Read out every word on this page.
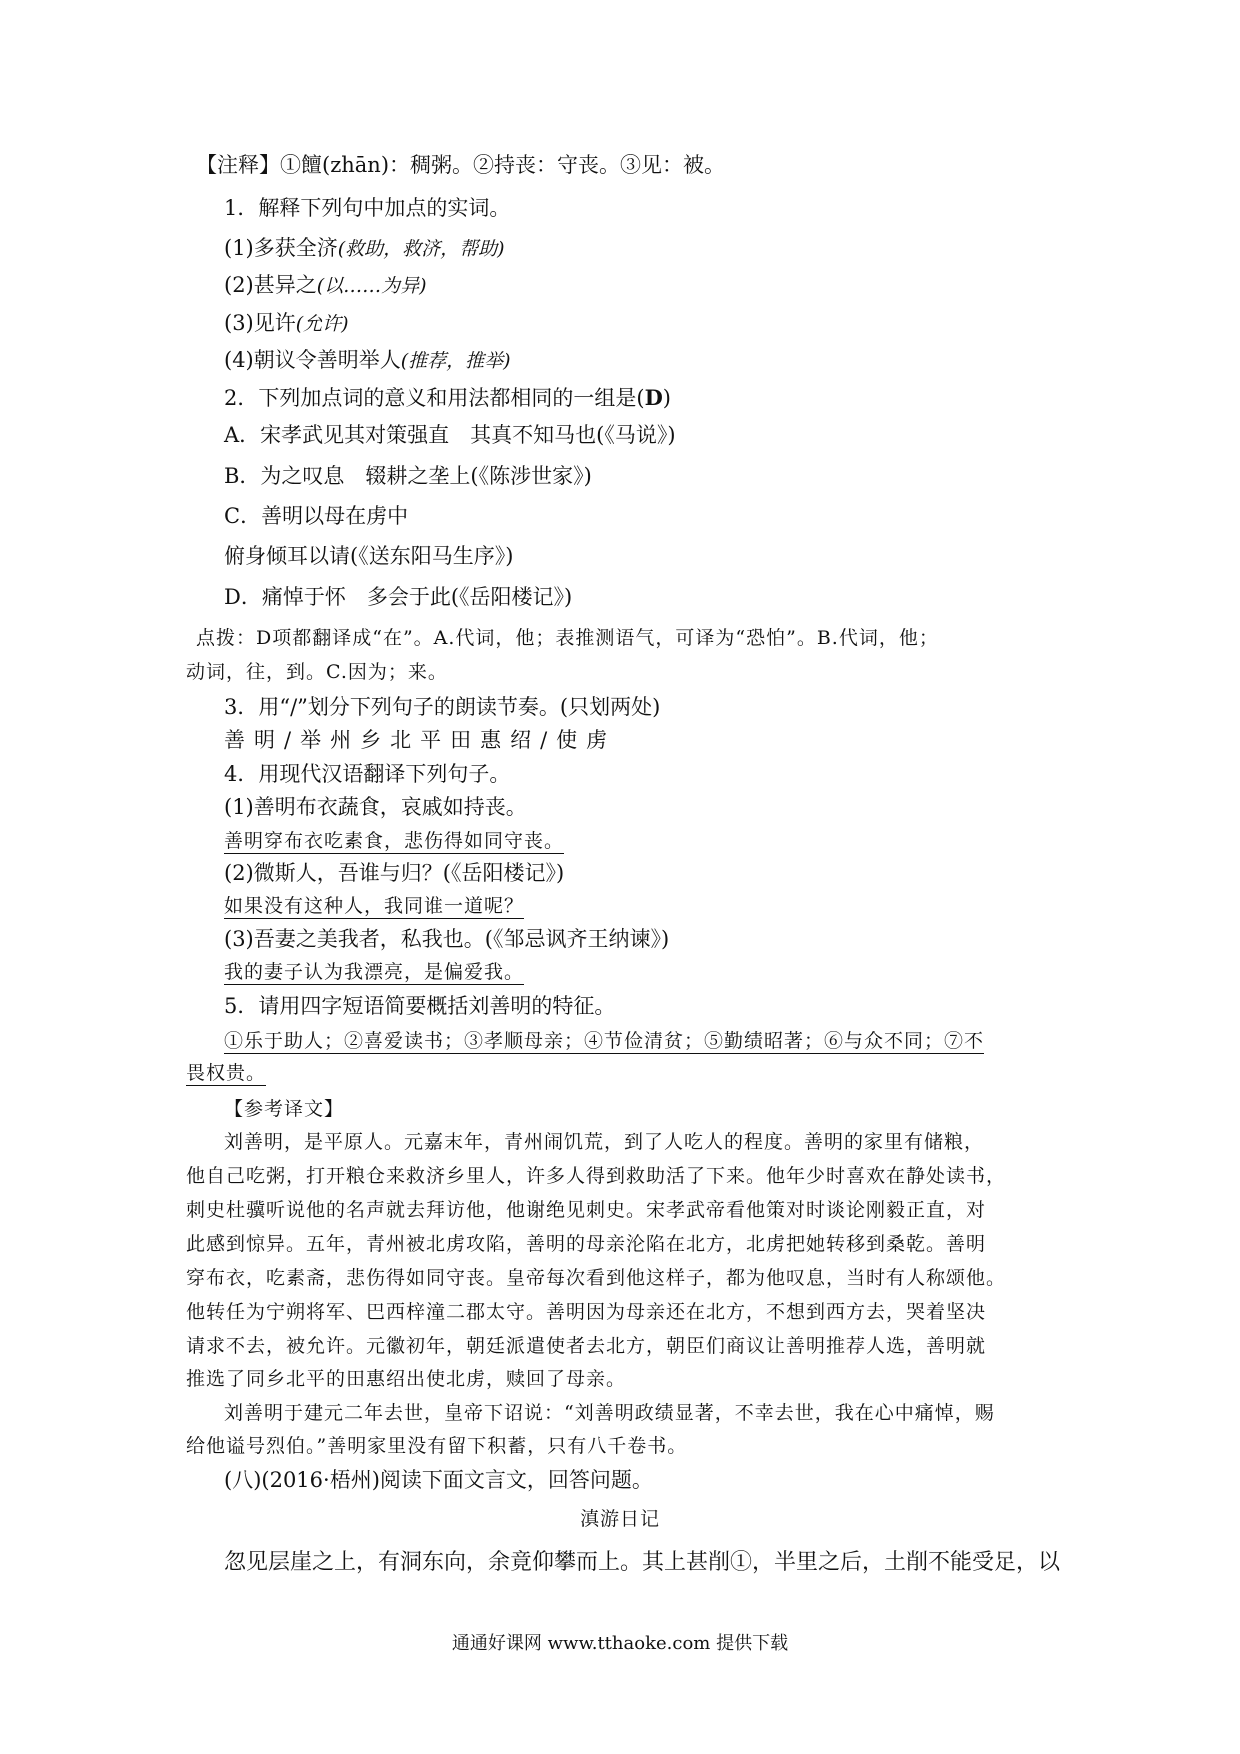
【注释】①饘(zhān)：稠粥。②持丧：守丧。③见：被。
1．解释下列句中加点的实词。
(1)多获全济(救助，救济，帮助)
(2)甚异之(以……为异)
(3)见许(允许)
(4)朝议令善明举人(推荐，推举)
2．下列加点词的意义和用法都相同的一组是(D)
A．宋孝武见其对策强直　其真不知马也(《马说》)
B．为之叹息　辍耕之垄上(《陈涉世家》)
C．善明以母在虏中
俯身倾耳以请(《送东阳马生序》)
D．痛悼于怀　多会于此(《岳阳楼记》)
点拨：D项都翻译成“在”。A.代词，他；表推测语气，可译为“恐怕”。B.代词，他；
动词，往，到。C.因为；来。
3．用“/”划分下列句子的朗读节奏。(只划两处)
善明/举州乡北平田惠绍/使虏
4．用现代汉语翻译下列句子。
(1)善明布衣蔬食，哀戚如持丧。
善明穿布衣吃素食，悲伤得如同守丧。
(2)微斯人，吾谁与归？(《岳阳楼记》)
如果没有这种人，我同谁一道呢？
(3)吾妻之美我者，私我也。(《邹忌讽齐王纳谏》)
我的妻子认为我漂亮，是偏爱我。
5．请用四字短语简要概括刘善明的特征。
①乐于助人；②喜爱读书；③孝顺母亲；④节俭清贫；⑤勤绩昭著；⑥与众不同；⑦不
畏权贵。
【参考译文】
刘善明，是平原人。元嘉末年，青州闹饥荒，到了人吃人的程度。善明的家里有储粮，
他自己吃粥，打开粮仓来救济乡里人，许多人得到救助活了下来。他年少时喜欢在静处读书，
刺史杜骥听说他的名声就去拜访他，他谢绝见刺史。宋孝武帝看他策对时谈论刚毅正直，对
此感到惊异。五年，青州被北虏攻陷，善明的母亲沦陷在北方，北虏把她转移到桑乾。善明
穿布衣，吃素斋，悲伤得如同守丧。皇帝每次看到他这样子，都为他叹息，当时有人称颂他。
他转任为宁朔将军、巴西梓潼二郡太守。善明因为母亲还在北方，不想到西方去，哭着坚决
请求不去，被允许。元徽初年，朝廷派遣使者去北方，朝臣们商议让善明推荐人选，善明就
推选了同乡北平的田惠绍出使北虏，赎回了母亲。
刘善明于建元二年去世，皇帝下诏说：“刘善明政绩显著，不幸去世，我在心中痛悼，赐
给他谥号烈伯。”善明家里没有留下积蓄，只有八千卷书。
(八)(2016·梧州)阅读下面文言文，回答问题。
滇游日记
忽见层崖之上，有洞东向，余竟仰攀而上。其上甚削①，半里之后，土削不能受足，以
通通好课网 www.tthaoke.com 提供下载
